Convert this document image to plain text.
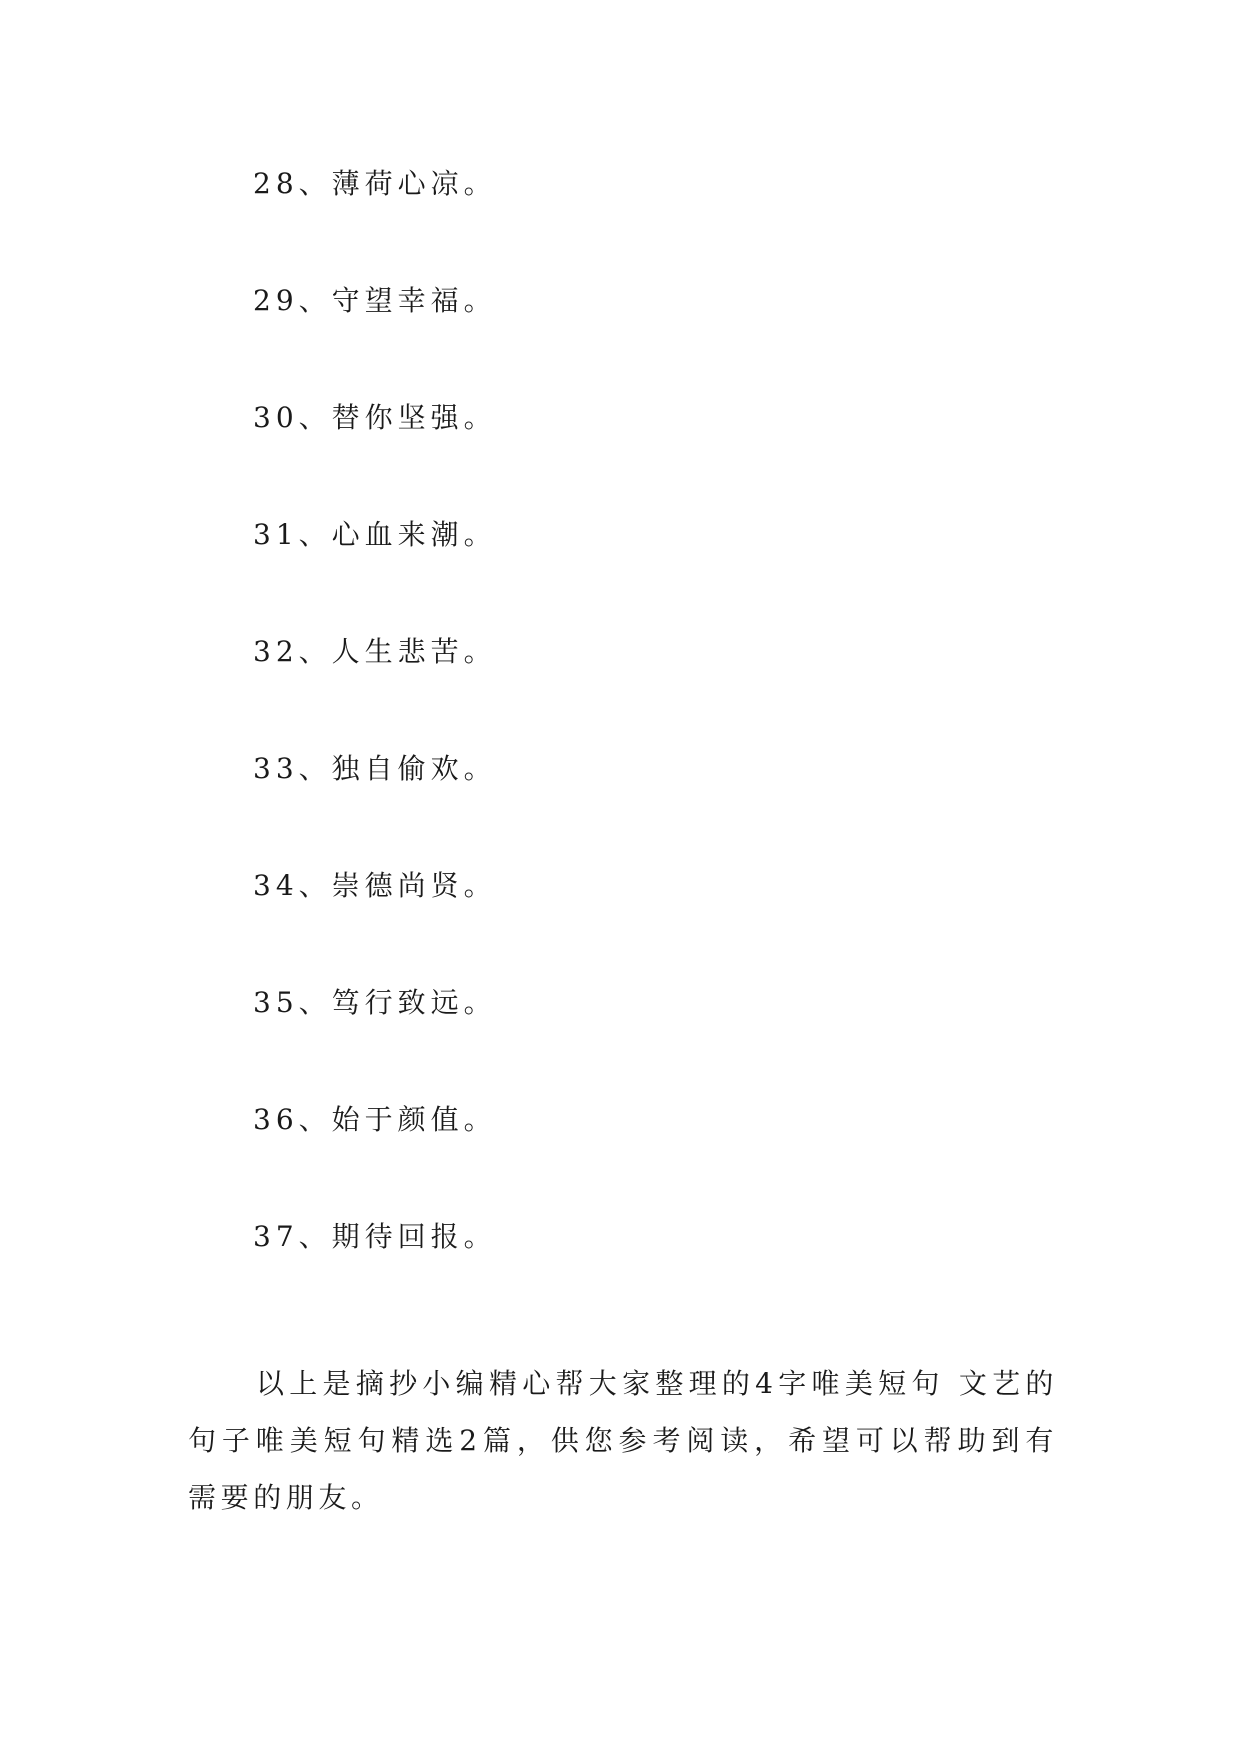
28、薄荷心凉。
29、守望幸福。
30、替你坚强。
31、心血来潮。
32、人生悲苦。
33、独自偷欢。
34、崇德尚贤。
35、笃行致远。
36、始于颜值。
37、期待回报。

以上是摘抄小编精心帮大家整理的4字唯美短句 文艺的句子唯美短句精选2篇，供您参考阅读，希望可以帮助到有需要的朋友。
